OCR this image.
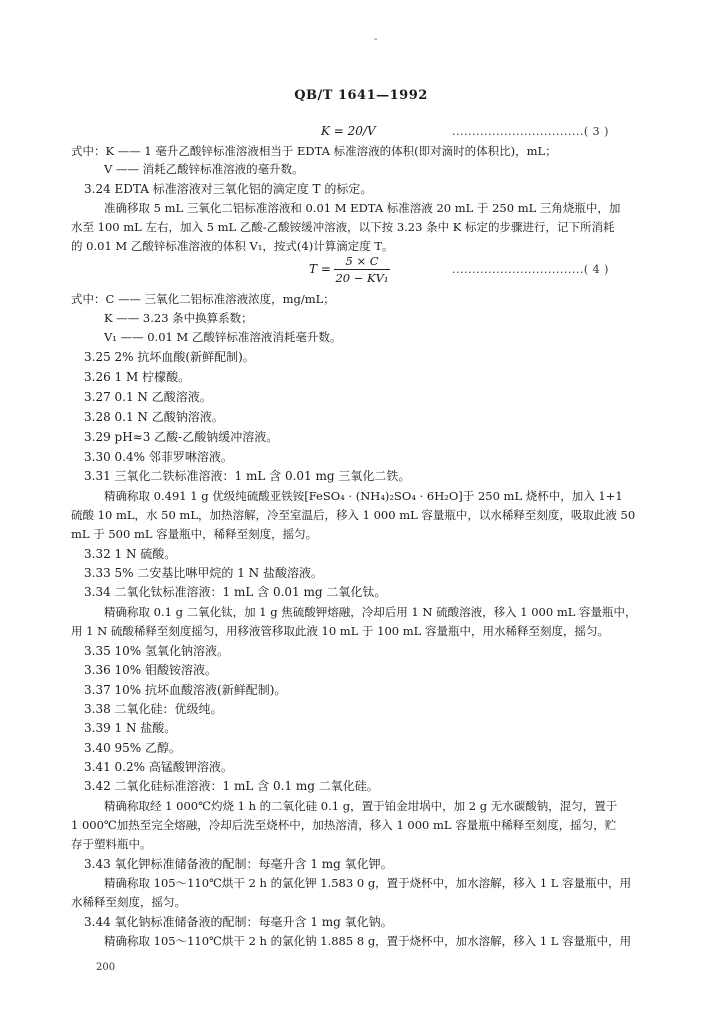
-
QB/T 1641—1992
K = 20/V	.................................( 3 )
式中：K —— 1 毫升乙酸锌标准溶液相当于 EDTA 标准溶液的体积(即对滴时的体积比)，mL；
V —— 消耗乙酸锌标准溶液的毫升数。
3.24 EDTA 标准溶液对三氧化铝的滴定度 T 的标定。
准确移取 5 mL 三氧化二铝标准溶液和 0.01 M EDTA 标准溶液 20 mL 于 250 mL 三角烧瓶中，加
水至 100 mL 左右，加入 5 mL 乙酸-乙酸铵缓冲溶液，以下按 3.23 条中 K 标定的步骤进行，记下所消耗
的 0.01 M 乙酸锌标准溶液的体积 V₁，按式(4)计算滴定度 T。
T =
5 × C
20 − KV₁
.................................( 4 )
式中：C —— 三氧化二铝标准溶液浓度，mg/mL；
K —— 3.23 条中换算系数；
V₁ —— 0.01 M 乙酸锌标准溶液消耗毫升数。
3.25 2% 抗坏血酸(新鲜配制)。
3.26 1 M 柠檬酸。
3.27 0.1 N 乙酸溶液。
3.28 0.1 N 乙酸钠溶液。
3.29 pH≈3 乙酸-乙酸钠缓冲溶液。
3.30 0.4% 邻菲罗啉溶液。
3.31 三氧化二铁标准溶液：1 mL 含 0.01 mg 三氧化二铁。
精确称取 0.491 1 g 优级纯硫酸亚铁铵[FeSO₄ · (NH₄)₂SO₄ · 6H₂O]于 250 mL 烧杯中，加入 1+1
硫酸 10 mL，水 50 mL，加热溶解，冷至室温后，移入 1 000 mL 容量瓶中，以水稀释至刻度，吸取此液 50
mL 于 500 mL 容量瓶中，稀释至刻度，摇匀。
3.32 1 N 硫酸。
3.33 5% 二安基比啉甲烷的 1 N 盐酸溶液。
3.34 二氧化钛标准溶液：1 mL 含 0.01 mg 二氧化钛。
精确称取 0.1 g 二氧化钛，加 1 g 焦硫酸钾熔融，冷却后用 1 N 硫酸溶液，移入 1 000 mL 容量瓶中，
用 1 N 硫酸稀释至刻度摇匀，用移液管移取此液 10 mL 于 100 mL 容量瓶中，用水稀释至刻度，摇匀。
3.35 10% 氢氧化钠溶液。
3.36 10% 钼酸铵溶液。
3.37 10% 抗坏血酸溶液(新鲜配制)。
3.38 二氧化硅：优级纯。
3.39 1 N 盐酸。
3.40 95% 乙醇。
3.41 0.2% 高锰酸钾溶液。
3.42 二氧化硅标准溶液：1 mL 含 0.1 mg 二氧化硅。
精确称取经 1 000℃灼烧 1 h 的二氧化硅 0.1 g，置于铂金坩埚中，加 2 g 无水碳酸钠，混匀，置于
1 000℃加热至完全熔融，冷却后洗至烧杯中，加热溶清，移入 1 000 mL 容量瓶中稀释至刻度，摇匀，贮
存于塑料瓶中。
3.43 氧化钾标准储备液的配制：每毫升含 1 mg 氧化钾。
精确称取 105～110℃烘干 2 h 的氯化钾 1.583 0 g，置于烧杯中，加水溶解，移入 1 L 容量瓶中，用
水稀释至刻度，摇匀。
3.44 氧化钠标准储备液的配制：每毫升含 1 mg 氧化钠。
精确称取 105～110℃烘干 2 h 的氯化钠 1.885 8 g，置于烧杯中，加水溶解，移入 1 L 容量瓶中，用
200
